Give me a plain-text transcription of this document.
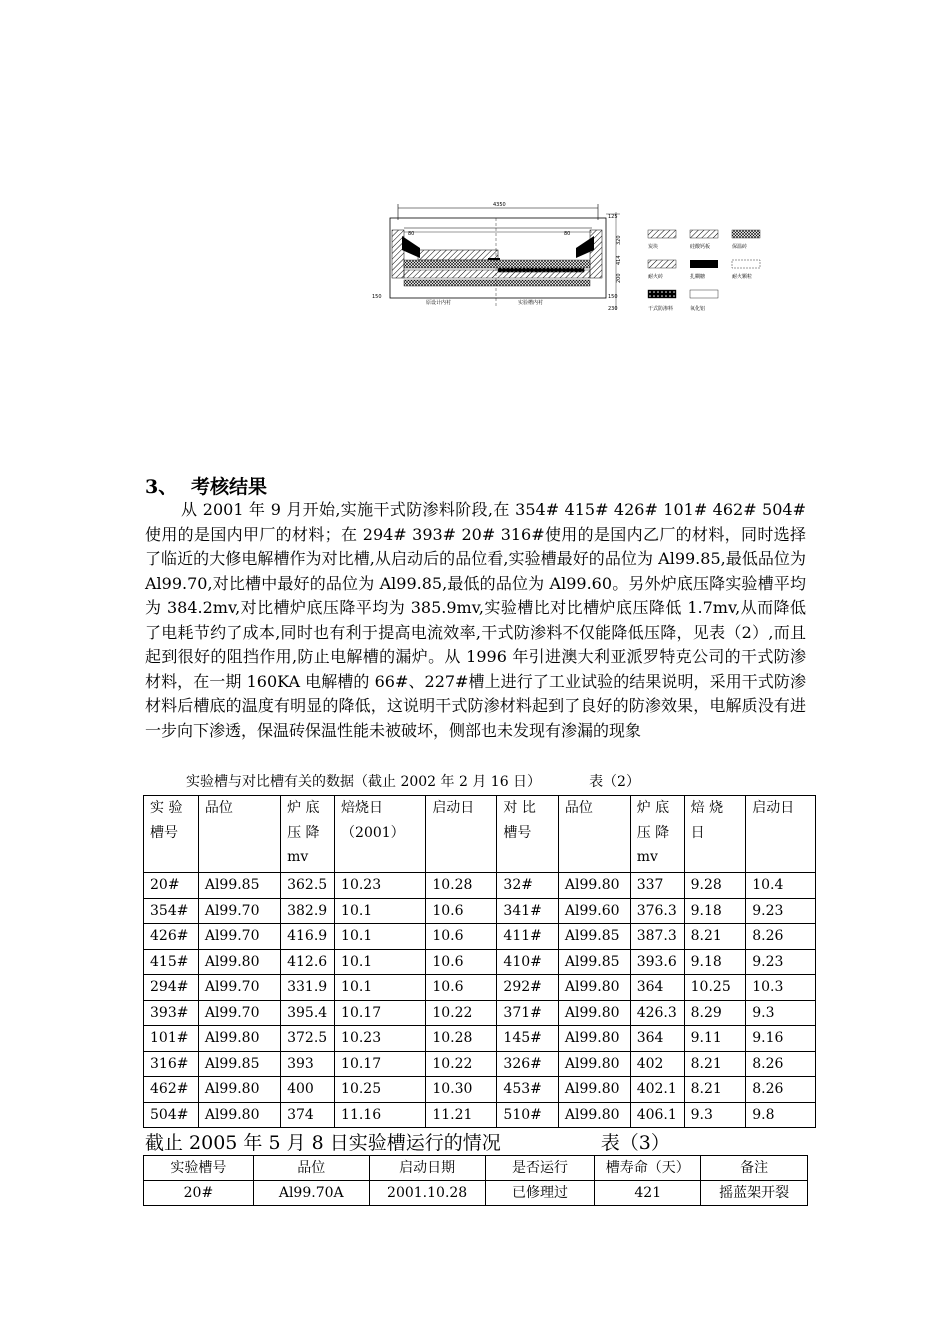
4350
80	80
原设计内衬	实验槽内衬
150
125
320
414
200
150
230
炭块	硅酸钙板	保温砖
耐火砖	扎糊糖	耐火颗粒
干式防渗料	氧化铝
3、 考核结果
从 2001 年 9 月开始,实施干式防渗料阶段,在 354# 415# 426# 101# 462# 504#使用的是国内甲厂的材料；在 294# 393# 20# 316#使用的是国内乙厂的材料，同时选择了临近的大修电解槽作为对比槽,从启动后的品位看,实验槽最好的品位为 Al99.85,最低品位为 Al99.70,对比槽中最好的品位为 Al99.85,最低的品位为 Al99.60。另外炉底压降实验槽平均为 384.2mv,对比槽炉底压降平均为 385.9mv,实验槽比对比槽炉底压降低 1.7mv,从而降低了电耗节约了成本,同时也有利于提高电流效率,干式防渗料不仅能降低压降，见表（2）,而且起到很好的阻挡作用,防止电解槽的漏炉。从 1996 年引进澳大利亚派罗特克公司的干式防渗材料，在一期 160KA 电解槽的 66#、227#槽上进行了工业试验的结果说明，采用干式防渗材料后槽底的温度有明显的降低，这说明干式防渗材料起到了良好的防渗效果，电解质没有进一步向下渗透，保温砖保温性能未被破坏，侧部也未发现有渗漏的现象
实验槽与对比槽有关的数据（截止 2002 年 2 月 16 日）	表（2）
实 验 槽号	品位	炉 底 压 降 mv	焙烧日 （2001）	启动日	对 比 槽号	品位	炉 底 压 降 mv	焙 烧 日	启动日
20#	Al99.85	362.5	10.23	10.28	32#	Al99.80	337	9.28	10.4
354#	Al99.70	382.9	10.1	10.6	341#	Al99.60	376.3	9.18	9.23
426#	Al99.70	416.9	10.1	10.6	411#	Al99.85	387.3	8.21	8.26
415#	Al99.80	412.6	10.1	10.6	410#	Al99.85	393.6	9.18	9.23
294#	Al99.70	331.9	10.1	10.6	292#	Al99.80	364	10.25	10.3
393#	Al99.70	395.4	10.17	10.22	371#	Al99.80	426.3	8.29	9.3
101#	Al99.80	372.5	10.23	10.28	145#	Al99.80	364	9.11	9.16
316#	Al99.85	393	10.17	10.22	326#	Al99.80	402	8.21	8.26
462#	Al99.80	400	10.25	10.30	453#	Al99.80	402.1	8.21	8.26
504#	Al99.80	374	11.16	11.21	510#	Al99.80	406.1	9.3	9.8
截止 2005 年 5 月 8 日实验槽运行的情况	表（3）
实验槽号	品位	启动日期	是否运行	槽寿命（天）	备注
20#	Al99.70A	2001.10.28	已修理过	421	摇蓝架开裂
